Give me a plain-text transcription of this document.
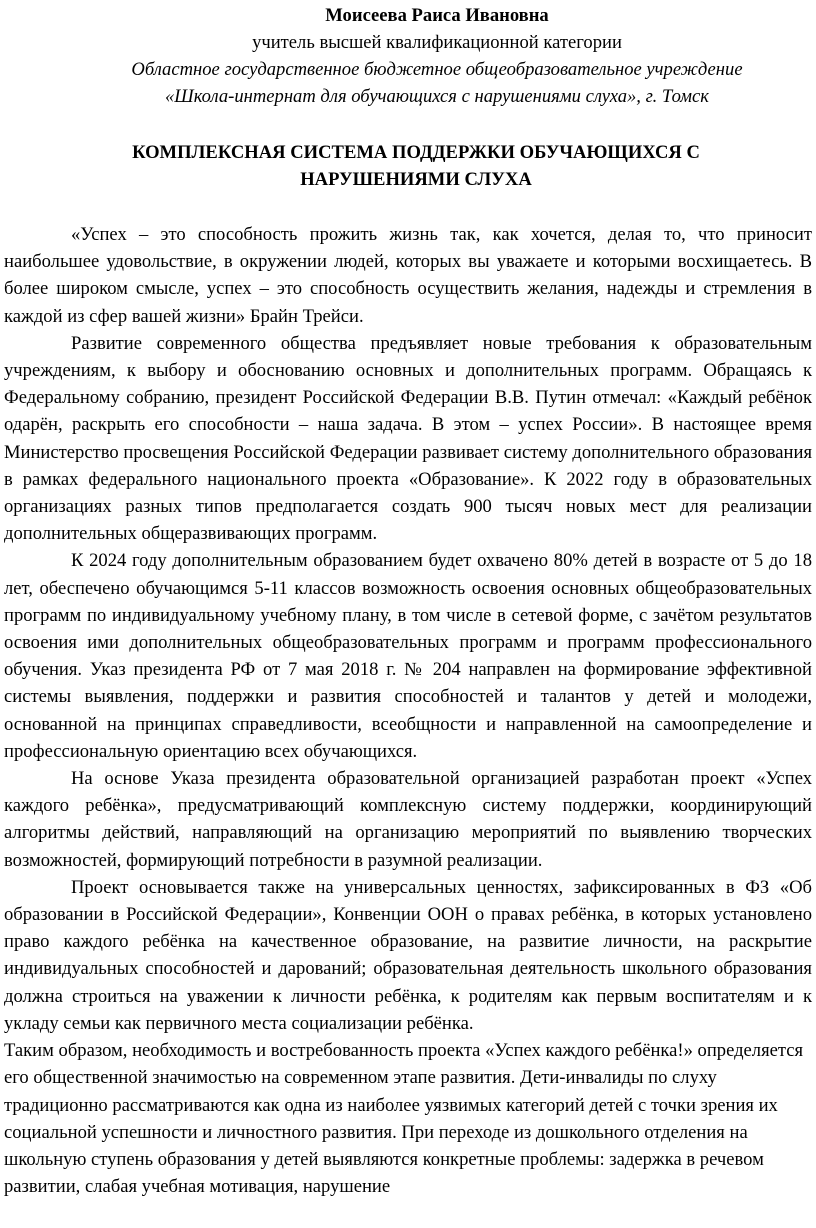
Моисеева Раиса Ивановна

учитель высшей квалификационной категории

Областное государственное бюджетное общеобразовательное учреждение

«Школа-интернат для обучающихся с нарушениями слуха», г. Томск

КОМПЛЕКСНАЯ СИСТЕМА ПОДДЕРЖКИ ОБУЧАЮЩИХСЯ С НАРУШЕНИЯМИ СЛУХА

«Успех – это способность прожить жизнь так, как хочется, делая то, что приносит наибольшее удовольствие, в окружении людей, которых вы уважаете и которыми восхищаетесь. В более широком смысле, успех – это способность осуществить желания, надежды и стремления в каждой из сфер вашей жизни» Брайн Трейси.

Развитие современного общества предъявляет новые требования к образовательным учреждениям, к выбору и обоснованию основных и дополнительных программ. Обращаясь к Федеральному собранию, президент Российской Федерации В.В. Путин отмечал: «Каждый ребёнок одарён, раскрыть его способности – наша задача. В этом – успех России». В настоящее время Министерство просвещения Российской Федерации развивает систему дополнительного образования в рамках федерального национального проекта «Образование». К 2022 году в образовательных организациях разных типов предполагается создать 900 тысяч новых мест для реализации дополнительных общеразвивающих программ.

К 2024 году дополнительным образованием будет охвачено 80% детей в возрасте от 5 до 18 лет, обеспечено обучающимся 5-11 классов возможность освоения основных общеобразовательных программ по индивидуальному учебному плану, в том числе в сетевой форме, с зачётом результатов освоения ими дополнительных общеобразовательных программ и программ профессионального обучения. Указ президента РФ от 7 мая 2018 г. № 204 направлен на формирование эффективной системы выявления, поддержки и развития способностей и талантов у детей и молодежи, основанной на принципах справедливости, всеобщности и направленной на самоопределение и профессиональную ориентацию всех обучающихся.

На основе Указа президента образовательной организацией разработан проект «Успех каждого ребёнка», предусматривающий комплексную систему поддержки, координирующий алгоритмы действий, направляющий на организацию мероприятий по выявлению творческих возможностей, формирующий потребности в разумной реализации.

Проект основывается также на универсальных ценностях, зафиксированных в ФЗ «Об образовании в Российской Федерации», Конвенции ООН о правах ребёнка, в которых установлено право каждого ребёнка на качественное образование, на развитие личности, на раскрытие индивидуальных способностей и дарований; образовательная деятельность школьного образования должна строиться на уважении к личности ребёнка, к родителям как первым воспитателям и к укладу семьи как первичного места социализации ребёнка.

Таким образом, необходимость и востребованность проекта «Успех каждого ребёнка!» определяется его общественной значимостью на современном этапе развития. Дети-инвалиды по слуху традиционно рассматриваются как одна из наиболее уязвимых категорий детей с точки зрения их социальной успешности и личностного развития. При переходе из дошкольного отделения на школьную ступень образования у детей выявляются конкретные проблемы: задержка в речевом развитии, слабая учебная мотивация, нарушение
